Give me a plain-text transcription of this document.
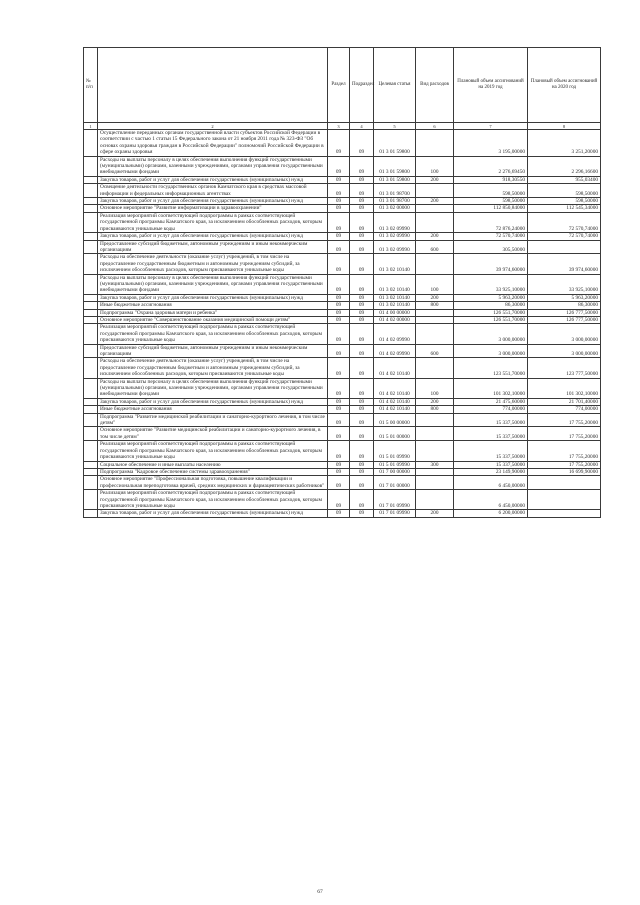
№ п/п		Раздел	Подраздел	Целевая статья	Вид расходов	Плановый объем ассигнований на 2019 год	Плановый объем ассигнований на 2020 год
1	2	3	4	5	6	7	8
	Осуществление переданных органам государственной власти субъектов Российской Федерации в соответствии с частью 1 статьи 15 Федерального закона от 21 ноября 2011 года № 323-ФЗ "Об основах охраны здоровья граждан в Российской Федерации" полномочий Российской Федерации в сфере охраны здоровья	09	09	01 3 01 59800		3 195,00000	3 251,20000
	Расходы на выплаты персоналу в целях обеспечения выполнения функций государственными (муниципальными) органами, казенными учреждениями, органами управления государственными внебюджетными фондами	09	09	01 3 01 59800	100	2 276,69450	2 296,16600
	Закупка товаров, работ и услуг для обеспечения государственных (муниципальных) нужд	09	09	01 3 01 59800	200	918,30550	955,03400
	Освещение деятельности государственных органов Камчатского края в средствах массовой информации и федеральных информационных агентствах	09	09	01 3 01 98700		598,50000	598,50000
	Закупка товаров, работ и услуг для обеспечения государственных (муниципальных) нужд	09	09	01 3 01 98700	200	598,50000	598,50000
	Основное мероприятие "Развитие информатизации в здравоохранении"	09	09	01 3 02 00000		112 850,84000	112 545,34000
	Реализация мероприятий соответствующей подпрограммы в рамках соответствующей государственной программы Камчатского края, за исключением обособленных расходов, которым присваиваются уникальные коды	09	09	01 3 02 09990		72 876,24000	72 570,74000
	Закупка товаров, работ и услуг для обеспечения государственных (муниципальных) нужд	09	09	01 3 02 09990	200	72 570,74000	72 570,74000
	Предоставление субсидий бюджетным, автономным учреждениям и иным некоммерческим организациям	09	09	01 3 02 09990	600	305,50000	
	Расходы на обеспечение деятельности (оказание услуг) учреждений, в том числе на предоставление государственным бюджетным и автономным учреждениям субсидий, за исключением обособленных расходов, которым присваиваются уникальные коды	09	09	01 3 02 10140		39 974,60000	39 974,60000
	Расходы на выплаты персоналу в целях обеспечения выполнения функций государственными (муниципальными) органами, казенными учреждениями, органами управления государственными внебюджетными фондами	09	09	01 3 02 10140	100	33 925,10000	33 925,10000
	Закупка товаров, работ и услуг для обеспечения государственных (муниципальных) нужд	09	09	01 3 02 10140	200	5 963,20000	5 963,20000
	Иные бюджетные ассигнования	09	09	01 3 02 10140	800	86,30000	86,30000
	Подпрограмма "Охрана здоровья матери и ребенка"	09	09	01 4 00 00000		126 551,70000	126 777,50000
	Основное мероприятие "Совершенствование оказания медицинской помощи детям"	09	09	01 4 02 00000		126 551,70000	126 777,50000
	Реализация мероприятий соответствующей подпрограммы в рамках соответствующей государственной программы Камчатского края, за исключением обособленных расходов, которым присваиваются уникальные коды	09	09	01 4 02 09990		3 000,00000	3 000,00000
	Предоставление субсидий бюджетным, автономным учреждениям и иным некоммерческим организациям	09	09	01 4 02 09990	600	3 000,00000	3 000,00000
	Расходы на обеспечение деятельности (оказание услуг) учреждений, в том числе на предоставление государственным бюджетным и автономным учреждениям субсидий, за исключением обособленных расходов, которым присваиваются уникальные коды	09	09	01 4 02 10140		123 551,70000	123 777,50000
	Расходы на выплаты персоналу в целях обеспечения выполнения функций государственными (муниципальными) органами, казенными учреждениями, органами управления государственными внебюджетными фондами	09	09	01 4 02 10140	100	101 302,10000	101 302,10000
	Закупка товаров, работ и услуг для обеспечения государственных (муниципальных) нужд	09	09	01 4 02 10140	200	21 475,60000	21 701,40000
	Иные бюджетные ассигнования	09	09	01 4 02 10140	800	774,00000	774,00000
	Подпрограмма "Развитие медицинской реабилитации и санаторно-курортного лечения, в том числе детям"	09	09	01 5 00 00000		15 337,50000	17 755,20000
	Основное мероприятие "Развитие медицинской реабилитации и санаторно-курортного лечения, в том числе детям"	09	09	01 5 01 00000		15 337,50000	17 755,20000
	Реализация мероприятий соответствующей подпрограммы в рамках соответствующей государственной программы Камчатского края, за исключением обособленных расходов, которым присваиваются уникальные коды	09	09	01 5 01 09990		15 337,50000	17 755,20000
	Социальное обеспечение и иные выплаты населению	09	09	01 5 01 09990	300	15 337,50000	17 755,20000
	Подпрограмма "Кадровое обеспечение системы здравоохранения"	09	09	01 7 00 00000		23 149,90000	16 699,90000
	Основное мероприятие "Профессиональная подготовка, повышение квалификации и профессиональная переподготовка врачей, средних медицинских и фармацевтических работников"	09	09	01 7 01 00000		6 450,00000	
	Реализация мероприятий соответствующей подпрограммы в рамках соответствующей государственной программы Камчатского края, за исключением обособленных расходов, которым присваиваются уникальные коды	09	09	01 7 01 09990		6 450,00000	
	Закупка товаров, работ и услуг для обеспечения государственных (муниципальных) нужд	09	09	01 7 01 09990	200	6 200,00000	
67
